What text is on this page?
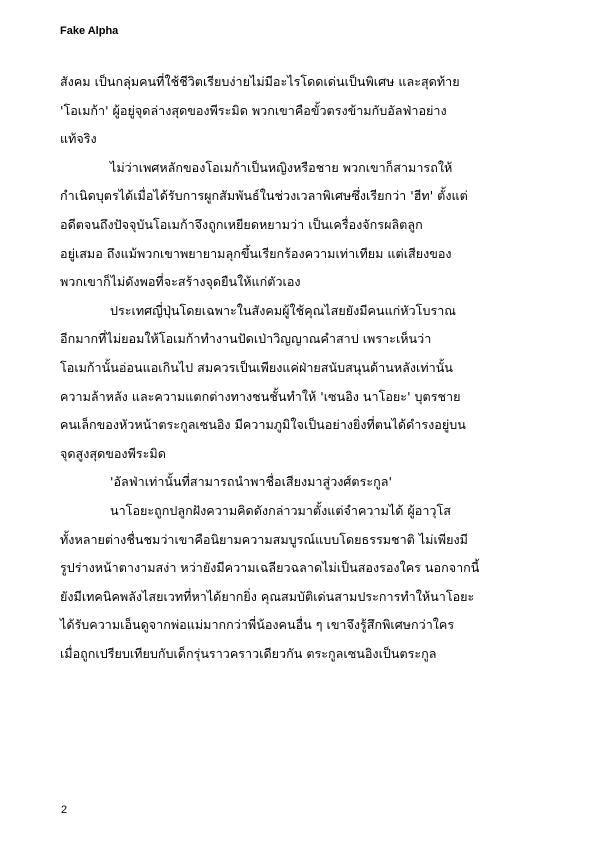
Fake Alpha
สังคม เป็นกลุ่มคนที่ใช้ชีวิตเรียบง่ายไม่มีอะไรโดดเด่นเป็นพิเศษ และสุดท้าย
'โอเมก้า' ผู้อยู่จุดล่างสุดของพีระมิด พวกเขาคือขั้วตรงข้ามกับอัลฟ่าอย่าง
แท้จริง
ไม่ว่าเพศหลักของโอเมก้าเป็นหญิงหรือชาย พวกเขาก็สามารถให้
กำเนิดบุตรได้เมื่อได้รับการผูกสัมพันธ์ในช่วงเวลาพิเศษซึ่งเรียกว่า 'ฮีท' ตั้งแต่
อดีตจนถึงปัจจุบันโอเมก้าจึงถูกเหยียดหยามว่า เป็นเครื่องจักรผลิตลูก
อยู่เสมอ ถึงแม้พวกเขาพยายามลุกขึ้นเรียกร้องความเท่าเทียม แต่เสียงของ
พวกเขาก็ไม่ดังพอที่จะสร้างจุดยืนให้แก่ตัวเอง
ประเทศญี่ปุ่นโดยเฉพาะในสังคมผู้ใช้คุณไสยยังมีคนแก่หัวโบราณ
อีกมากที่ไม่ยอมให้โอเมก้าทำงานปัดเป่าวิญญาณคำสาป เพราะเห็นว่า
โอเมก้านั้นอ่อนแอเกินไป สมควรเป็นเพียงแค่ฝ่ายสนับสนุนด้านหลังเท่านั้น
ความล้าหลัง และความแตกต่างทางชนชั้นทำให้ 'เซนอิง นาโอยะ' บุตรชาย
คนเล็กของหัวหน้าตระกูลเซนอิง มีความภูมิใจเป็นอย่างยิ่งที่ตนได้ดำรงอยู่บน
จุดสูงสุดของพีระมิด
'อัลฟ่าเท่านั้นที่สามารถนำพาชื่อเสียงมาสู่วงศ์ตระกูล'
นาโอยะถูกปลูกฝังความคิดดังกล่าวมาตั้งแต่จำความได้ ผู้อาวุโส
ทั้งหลายต่างชื่นชมว่าเขาคือนิยามความสมบูรณ์แบบโดยธรรมชาติ ไม่เพียงมี
รูปร่างหน้าตางามสง่า หว่ายังมีความเฉลียวฉลาดไม่เป็นสองรองใคร นอกจากนี้
ยังมีเทคนิคพลังไสยเวทที่หาได้ยากยิ่ง คุณสมบัติเด่นสามประการทำให้นาโอยะ
ได้รับความเอ็นดูจากพ่อแม่มากกว่าพี่น้องคนอื่น ๆ เขาจึงรู้สึกพิเศษกว่าใคร
เมื่อถูกเปรียบเทียบกับเด็กรุ่นราวคราวเดียวกัน ตระกูลเซนอิงเป็นตระกูล
2
